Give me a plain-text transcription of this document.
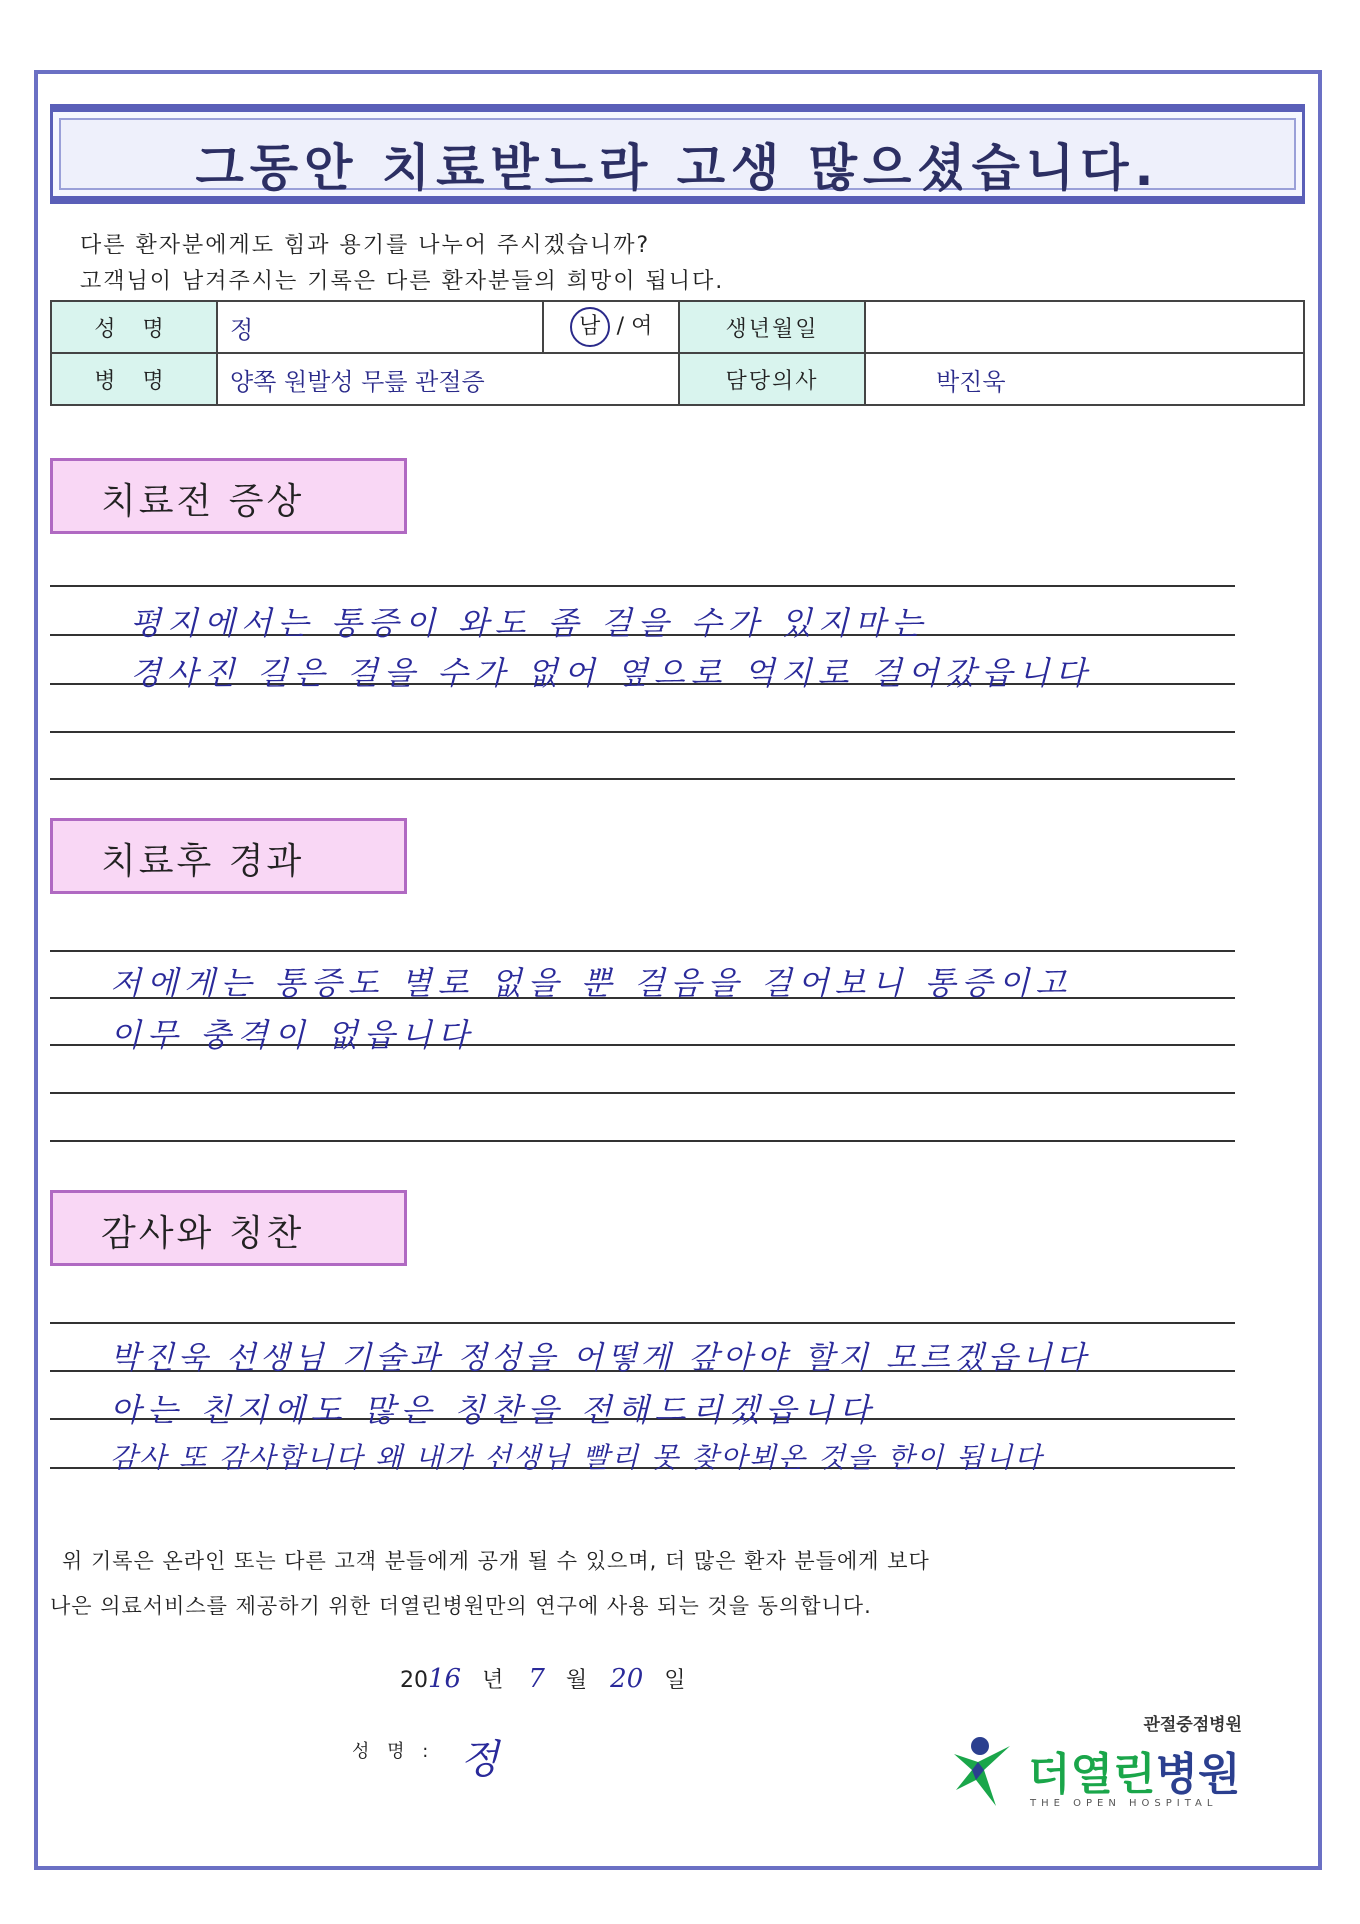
그동안 치료받느라 고생 많으셨습니다.
다른 환자분에게도 힘과 용기를 나누어 주시겠습니까?
고객님이 남겨주시는 기록은 다른 환자분들의 희망이 됩니다.
성 명	정	남 / 여	생년월일	
병 명	양쪽 원발성 무릎 관절증		담당의사	박진욱
치료전 증상
평지에서는 통증이 와도 좀 걸을 수가 있지마는
경사진 길은 걸을 수가 없어 옆으로 억지로 걸어갔읍니다
치료후 경과
저에게는 통증도 별로 없을 뿐 걸음을 걸어보니 통증이고
이무 충격이 없읍니다
감사와 칭찬
박진욱 선생님 기술과 정성을 어떻게 갚아야 할지 모르겠읍니다
아는 친지에도 많은 칭찬을 전해드리겠읍니다
감사 또 감사합니다 왜 내가 선생님 빨리 못 찾아뵈온 것을 한이 됩니다
위 기록은 온라인 또는 다른 고객 분들에게 공개 될 수 있으며, 더 많은 환자 분들에게 보다
나은 의료서비스를 제공하기 위한 더열린병원만의 연구에 사용 되는 것을 동의합니다.
2016 년 7 월 20 일
성 명 : 정
관절중점병원
더열린병원
THE OPEN HOSPITAL
